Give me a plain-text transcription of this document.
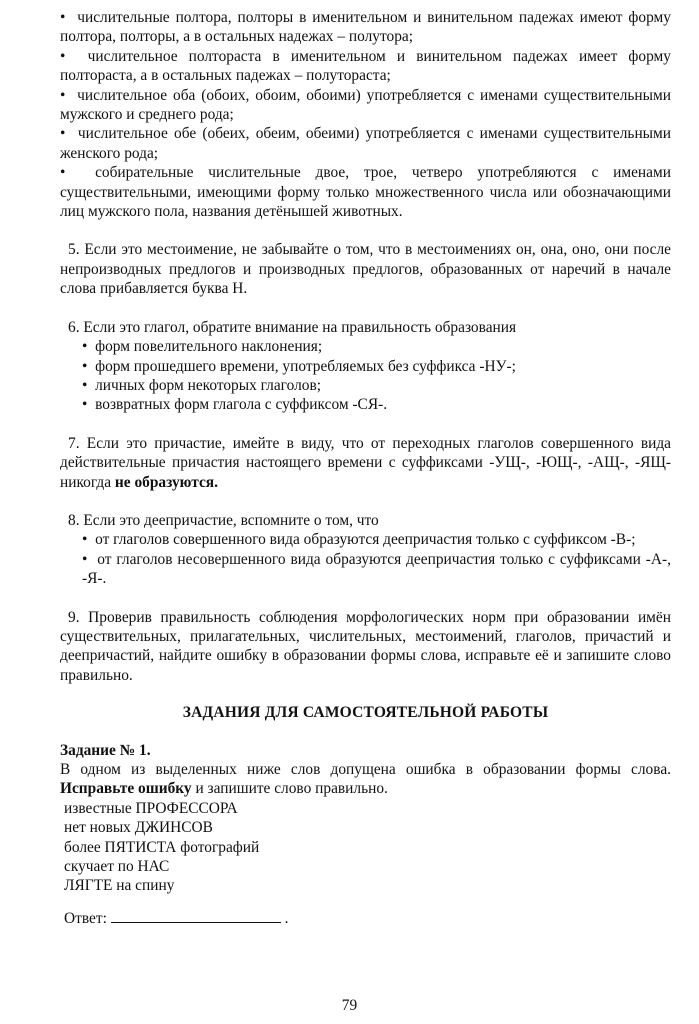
•  числительные полтора, полторы в именительном и винительном падежах имеют форму полтора, полторы, а в остальных надежах – полутора;

•  числительное полтораста в именительном и винительном падежах имеет форму полтораста, а в остальных падежах – полутораста;

•  числительное оба (обоих, обоим, обоими) употребляется с именами существительными мужского и среднего рода;

•  числительное обе (обеих, обеим, обеими) употребляется с именами существительными женского рода;

•  собирательные числительные двое, трое, четверо употребляются с именами существительными, имеющими форму только множественного числа или обозначающими лиц мужского пола, названия детёнышей животных.

5. Если это местоимение, не забывайте о том, что в местоимениях он, она, оно, они после непроизводных предлогов и производных предлогов, образованных от наречий в начале слова прибавляется буква Н.

6. Если это глагол, обратите внимание на правильность образования

•  форм повелительного наклонения;

•  форм прошедшего времени, употребляемых без суффикса -НУ-;

•  личных форм некоторых глаголов;

•  возвратных форм глагола с суффиксом -СЯ-.

7. Если это причастие, имейте в виду, что от переходных глаголов совершенного вида действительные причастия настоящего времени с суффиксами -УЩ-, -ЮЩ-, -АЩ-, -ЯЩ- никогда не образуются.

8. Если это деепричастие, вспомните о том, что

•  от глаголов совершенного вида образуются деепричастия только с суффиксом -В-;

•  от глаголов несовершенного вида образуются деепричастия только с суффиксами -А-, -Я-.

9. Проверив правильность соблюдения морфологических норм при образовании имён существительных, прилагательных, числительных, местоимений, глаголов, причастий и деепричастий, найдите ошибку в образовании формы слова, исправьте её и запишите слово правильно.

ЗАДАНИЯ ДЛЯ САМОСТОЯТЕЛЬНОЙ РАБОТЫ

Задание № 1.

В одном из выделенных ниже слов допущена ошибка в образовании формы слова. Исправьте ошибку и запишите слово правильно.

известные ПРОФЕССОРА

нет новых ДЖИНСОВ

более ПЯТИСТА фотографий

скучает по НАС

ЛЯГТЕ на спину

Ответ:	.
79
